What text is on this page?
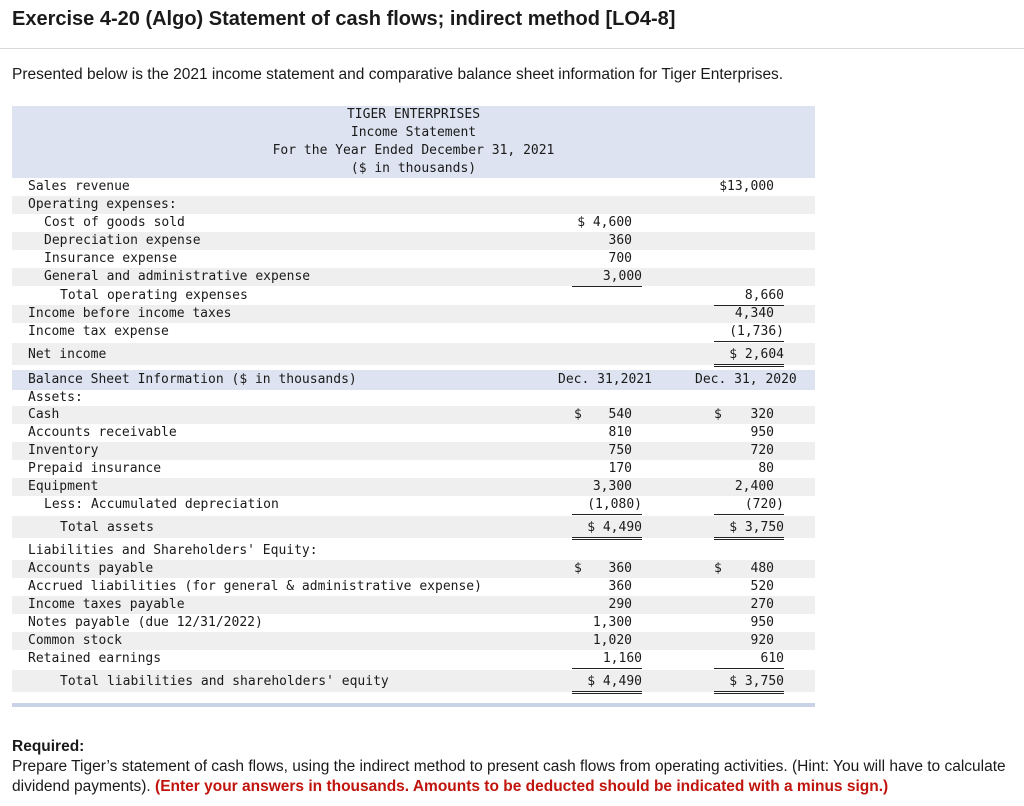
Exercise 4-20 (Algo) Statement of cash flows; indirect method [LO4-8]
Presented below is the 2021 income statement and comparative balance sheet information for Tiger Enterprises.
TIGER ENTERPRISES
Income Statement
For the Year Ended December 31, 2021
($ in thousands)
Sales revenue	$13,000
Operating expenses:
Cost of goods sold	$ 4,600
Depreciation expense	360
Insurance expense	700
General and administrative expense	3,000
Total operating expenses	8,660
Income before income taxes	4,340
Income tax expense	(1,736)
Net income	$ 2,604
Balance Sheet Information ($ in thousands)	Dec. 31,2021	Dec. 31, 2020
Assets:
Cash	$	540	$	320
Accounts receivable	810	950
Inventory	750	720
Prepaid insurance	170	80
Equipment	3,300	2,400
Less: Accumulated depreciation	(1,080)	(720)
Total assets	$ 4,490	$ 3,750
Liabilities and Shareholders' Equity:
Accounts payable	$	360	$	480
Accrued liabilities (for general & administrative expense)	360	520
Income taxes payable	290	270
Notes payable (due 12/31/2022)	1,300	950
Common stock	1,020	920
Retained earnings	1,160	610
Total liabilities and shareholders' equity	$ 4,490	$ 3,750
Required:
Prepare Tiger’s statement of cash flows, using the indirect method to present cash flows from operating activities. (Hint: You will have to calculate dividend payments). (Enter your answers in thousands. Amounts to be deducted should be indicated with a minus sign.)
